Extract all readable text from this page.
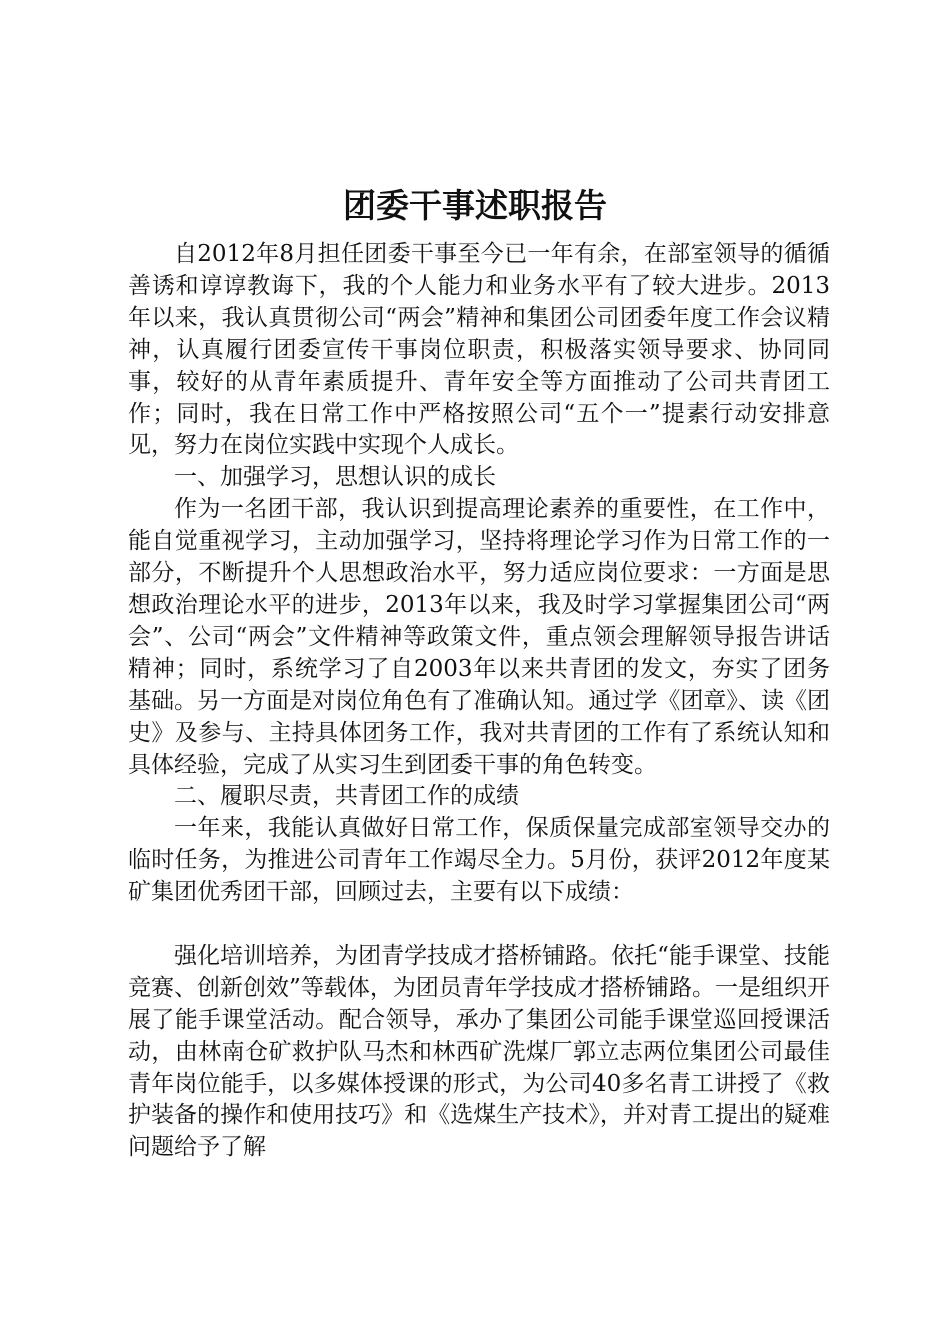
团委干事述职报告

自2012年8月担任团委干事至今已一年有余，在部室领导的循循善诱和谆谆教诲下，我的个人能力和业务水平有了较大进步。2013年以来，我认真贯彻公司“两会”精神和集团公司团委年度工作会议精神，认真履行团委宣传干事岗位职责，积极落实领导要求、协同同事，较好的从青年素质提升、青年安全等方面推动了公司共青团工作；同时，我在日常工作中严格按照公司“五个一”提素行动安排意见，努力在岗位实践中实现个人成长。

一、加强学习，思想认识的成长

作为一名团干部，我认识到提高理论素养的重要性，在工作中，能自觉重视学习，主动加强学习，坚持将理论学习作为日常工作的一部分，不断提升个人思想政治水平，努力适应岗位要求：一方面是思想政治理论水平的进步，2013年以来，我及时学习掌握集团公司“两会”、公司“两会”文件精神等政策文件，重点领会理解领导报告讲话精神；同时，系统学习了自2003年以来共青团的发文，夯实了团务基础。另一方面是对岗位角色有了准确认知。通过学《团章》、读《团史》及参与、主持具体团务工作，我对共青团的工作有了系统认知和具体经验，完成了从实习生到团委干事的角色转变。

二、履职尽责，共青团工作的成绩

一年来，我能认真做好日常工作，保质保量完成部室领导交办的临时任务，为推进公司青年工作竭尽全力。5月份，获评2012年度某矿集团优秀团干部，回顾过去，主要有以下成绩：

强化培训培养，为团青学技成才搭桥铺路。依托“能手课堂、技能竞赛、创新创效”等载体，为团员青年学技成才搭桥铺路。一是组织开展了能手课堂活动。配合领导，承办了集团公司能手课堂巡回授课活动，由林南仓矿救护队马杰和林西矿洗煤厂郭立志两位集团公司最佳青年岗位能手，以多媒体授课的形式，为公司40多名青工讲授了《救护装备的操作和使用技巧》和《选煤生产技术》，并对青工提出的疑难问题给予了解
